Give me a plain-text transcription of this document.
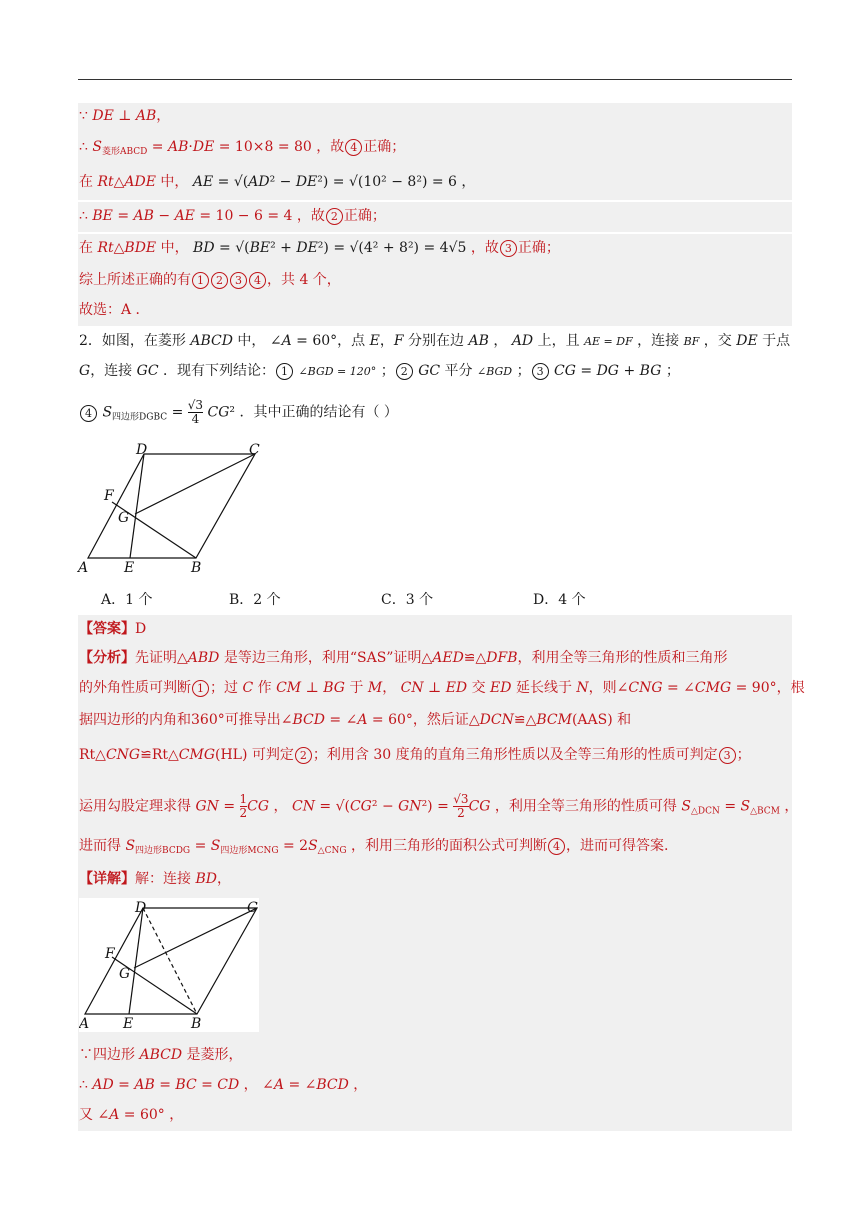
∵ DE ⊥ AB，
∴ $S_{菱形ABCD} = AB\cdot DE = 10\times 8 = 80$ ，故 4 正确；
在 Rt△ADE 中， AE = √(AD² − DE²) = √(10² − 8²) = 6 ，
∴ BE = AB − AE = 10 − 6 = 4 ，故 2 正确；
在 Rt△BDE 中， BD = √(BE² + DE²) = √(4² + 8²) = 4√5 ，故 3 正确；
综上所述正确的有 1 2 3 4 ，共 4 个，
故选：A ．
2．如图，在菱形 ABCD 中， ∠A = 60°，点 E，F 分别在边 AB ， AD 上，且 AE = DF ，连接 BF ，交 DE 于点
G，连接 GC ．现有下列结论： 1 ∠BGD = 120° ； 2 GC 平分 ∠BGD ； 3 CG = DG + BG ；
4 $S_{四边形DGBC} = \frac{√3}{4} CG^2$ ．其中正确的结论有（ ）
A	B
C
D
E
F
G
A．1 个	B．2 个	C．3 个	D．4 个
【答案】D
【分析】先证明△ABD 是等边三角形，利用“SAS”证明△AED≌△DFB，利用全等三角形的性质和三角形
的外角性质可判断 1 ；过 C 作 CM ⊥ BG 于 M， CN ⊥ ED 交 ED 延长线于 N，则∠CNG = ∠CMG = 90°，根
据四边形的内角和360°可推导出∠BCD = ∠A = 60°，然后证△DCN≌△BCM(AAS) 和
Rt△CNG≌Rt△CMG(HL) 可判定 2 ；利用含 30 度角的直角三角形性质以及全等三角形的性质可判定 3 ；
运用勾股定理求得 GN = $\frac{1}{2}$ CG ， CN = $√(CG^2 - GN^2) = \frac{√3}{2}$ CG ，利用全等三角形的性质可得 $S_{\triangle DCN} = S_{\triangle BCM}$ ，
进而得 $S_{四边形BCDG} = S_{四边形MCNG} = 2S_{\triangle CNG}$ ，利用三角形的面积公式可判断 4 ，进而可得答案.
【详解】解：连接 BD，
A	B
C
D
E
F
G
∵四边形 ABCD 是菱形，
∴ AD = AB = BC = CD ， ∠A = ∠BCD ，
又 ∠A = 60° ，
